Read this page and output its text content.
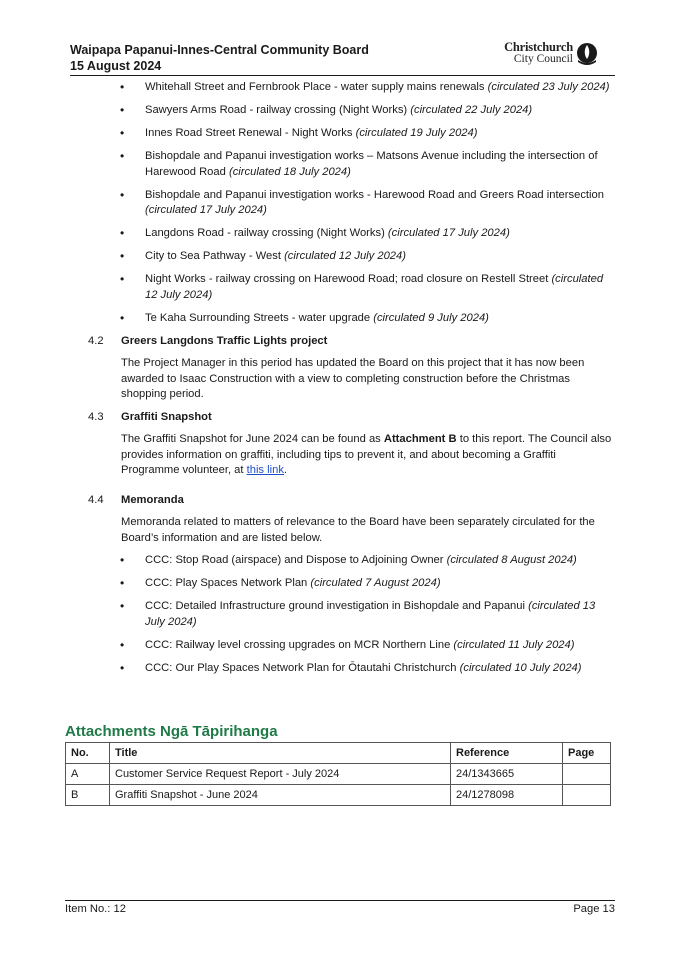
Waipapa Papanui-Innes-Central Community Board
15 August 2024
Christchurch
City Council
• Whitehall Street and Fernbrook Place - water supply mains renewals (circulated 23 July 2024)
• Sawyers Arms Road - railway crossing (Night Works) (circulated 22 July 2024)
• Innes Road Street Renewal - Night Works (circulated 19 July 2024)
• Bishopdale and Papanui investigation works – Matsons Avenue including the intersection of Harewood Road (circulated 18 July 2024)
• Bishopdale and Papanui investigation works - Harewood Road and Greers Road intersection (circulated 17 July 2024)
• Langdons Road - railway crossing (Night Works) (circulated 17 July 2024)
• City to Sea Pathway - West (circulated 12 July 2024)
• Night Works - railway crossing on Harewood Road; road closure on Restell Street (circulated 12 July 2024)
• Te Kaha Surrounding Streets - water upgrade (circulated 9 July 2024)
4.2 Greers Langdons Traffic Lights project

The Project Manager in this period has updated the Board on this project that it has now been awarded to Isaac Construction with a view to completing construction before the Christmas shopping period.

4.3 Graffiti Snapshot

The Graffiti Snapshot for June 2024 can be found as Attachment B to this report. The Council also provides information on graffiti, including tips to prevent it, and about becoming a Graffiti Programme volunteer, at this link.

4.4 Memoranda

Memoranda related to matters of relevance to the Board have been separately circulated for the Board’s information and are listed below.

• CCC: Stop Road (airspace) and Dispose to Adjoining Owner (circulated 8 August 2024)
• CCC: Play Spaces Network Plan (circulated 7 August 2024)
• CCC: Detailed Infrastructure ground investigation in Bishopdale and Papanui (circulated 13 July 2024)
• CCC: Railway level crossing upgrades on MCR Northern Line (circulated 11 July 2024)
• CCC: Our Play Spaces Network Plan for Ōtautahi Christchurch (circulated 10 July 2024)
Attachments Ngā Tāpirihanga
No.	Title	Reference	Page
A	Customer Service Request Report - July 2024	24/1343665	
B	Graffiti Snapshot - June 2024	24/1278098	
Item No.: 12	Page 13
